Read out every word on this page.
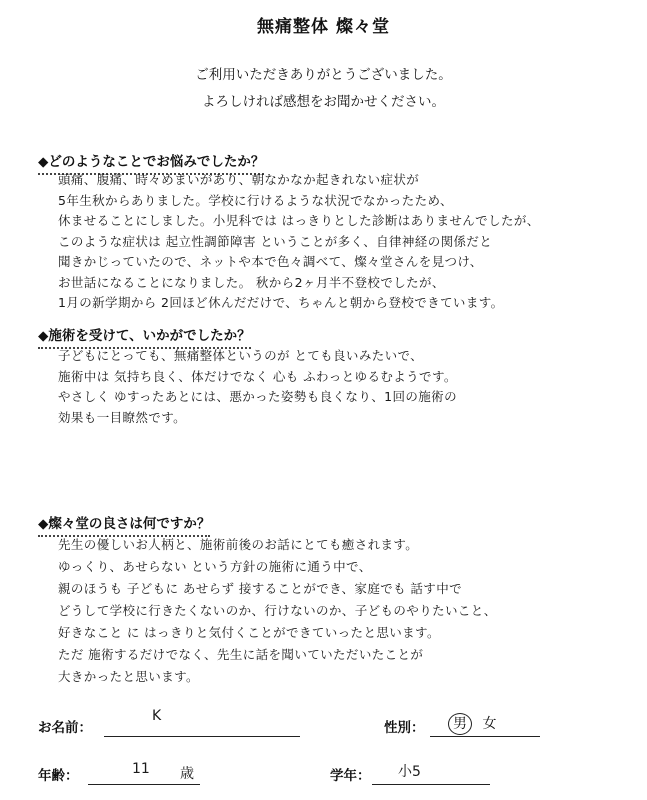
無痛整体 燦々堂
ご利用いただきありがとうございました。
よろしければ感想をお聞かせください。
◆どのようなことでお悩みでしたか？
頭痛、腹痛、時々めまいがあり、朝なかなか起きれない症状が
5年生秋からありました。学校に行けるような状況でなかったため、
休ませることにしました。小児科では はっきりとした診断はありませんでしたが、
このような症状は 起立性調節障害 ということが多く、自律神経の関係だと
聞きかじっていたので、ネットや本で色々調べて、燦々堂さんを見つけ、
お世話になることになりました。 秋から2ヶ月半不登校でしたが、
1月の新学期から 2回ほど休んだだけで、ちゃんと朝から登校できています。
◆施術を受けて、いかがでしたか？
子どもにとっても、無痛整体というのが とても良いみたいで、
施術中は 気持ち良く、体だけでなく 心も ふわっとゆるむようです。
やさしく ゆすったあとには、悪かった姿勢も良くなり、1回の施術の
効果も一目瞭然です。
◆燦々堂の良さは何ですか？
先生の優しいお人柄と、施術前後のお話にとても癒されます。
ゆっくり、あせらない という方針の施術に通う中で、
親のほうも 子どもに あせらず 接することができ、家庭でも 話す中で
どうして学校に行きたくないのか、行けないのか、子どものやりたいこと、
好きなこと に はっきりと気付くことができていったと思います。
ただ 施術するだけでなく、先生に話を聞いていただいたことが
大きかったと思います。
お名前：
K
性別：	男 女
年齢：	11 歳	学年： 小5
